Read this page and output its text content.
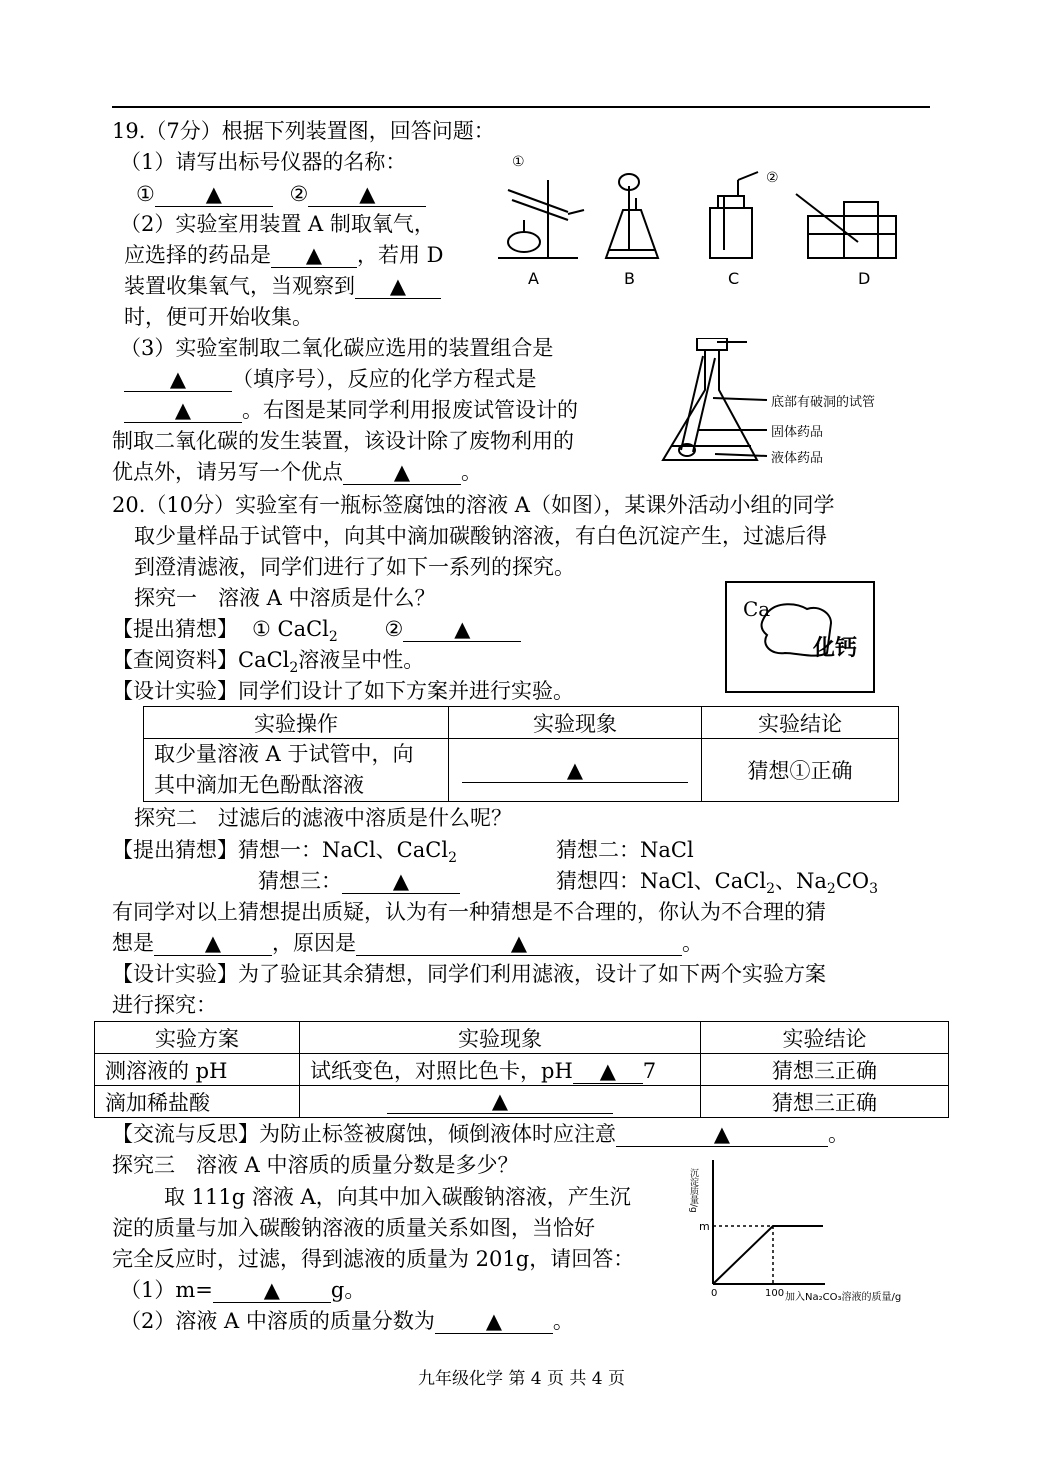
19.（7分）根据下列装置图，回答问题：
（1）请写出标号仪器的名称：
① ▲	② ▲
（2）实验室用装置 A 制取氧气，
应选择的药品是 ▲ ，若用 D
装置收集氧气，当观察到 ▲
时，便可开始收集。
（3）实验室制取二氧化碳应选用的装置组合是
▲ （填序号），反应的化学方程式是
▲ 。右图是某同学利用报废试管设计的
制取二氧化碳的发生装置，该设计除了废物利用的
优点外，请另写一个优点 ▲ 。
①
②
A	B	C	D
底部有破洞的试管
固体药品
液体药品
20.（10分）实验室有一瓶标签腐蚀的溶液 A（如图），某课外活动小组的同学
取少量样品于试管中，向其中滴加碳酸钠溶液，有白色沉淀产生，过滤后得
到澄清滤液，同学们进行了如下一系列的探究。
探究一　溶液 A 中溶质是什么？
【提出猜想】 ① CaCl$_2$ ② ▲
【查阅资料】CaCl$_2$溶液呈中性。
【设计实验】同学们设计了如下方案并进行实验。
Ca
化钙
实验操作	实验现象	实验结论

取少量溶液 A 于试管中，向
其中滴加无色酚酞溶液	▲	猜想①正确
探究二　过滤后的滤液中溶质是什么呢？
【提出猜想】猜想一：NaCl、CaCl$_2$	猜想二：NaCl
猜想三： ▲	猜想四：NaCl、CaCl$_2$、$Na_2CO_3$
有同学对以上猜想提出质疑，认为有一种猜想是不合理的，你认为不合理的猜
想是 ▲ ，原因是	▲	。
【设计实验】为了验证其余猜想，同学们利用滤液，设计了如下两个实验方案
进行探究：
实验方案	实验现象	实验结论
测溶液的 pH	试纸变色，对照比色卡，pH ▲ 7	猜想三正确
滴加稀盐酸	▲	猜想三正确
【交流与反思】为防止标签被腐蚀，倾倒液体时应注意	▲	。
探究三　溶液 A 中溶质的质量分数是多少？
取 111g 溶液 A，向其中加入碳酸钠溶液，产生沉
淀的质量与加入碳酸钠溶液的质量关系如图，当恰好
完全反应时，过滤，得到滤液的质量为 201g，请回答：
（1）m= ▲ g。
（2）溶液 A 中溶质的质量分数为 ▲ 。
沉淀质量/g
m
0	100 加入Na₂CO₃溶液的质量/g
九年级化学 第 4 页 共 4 页
